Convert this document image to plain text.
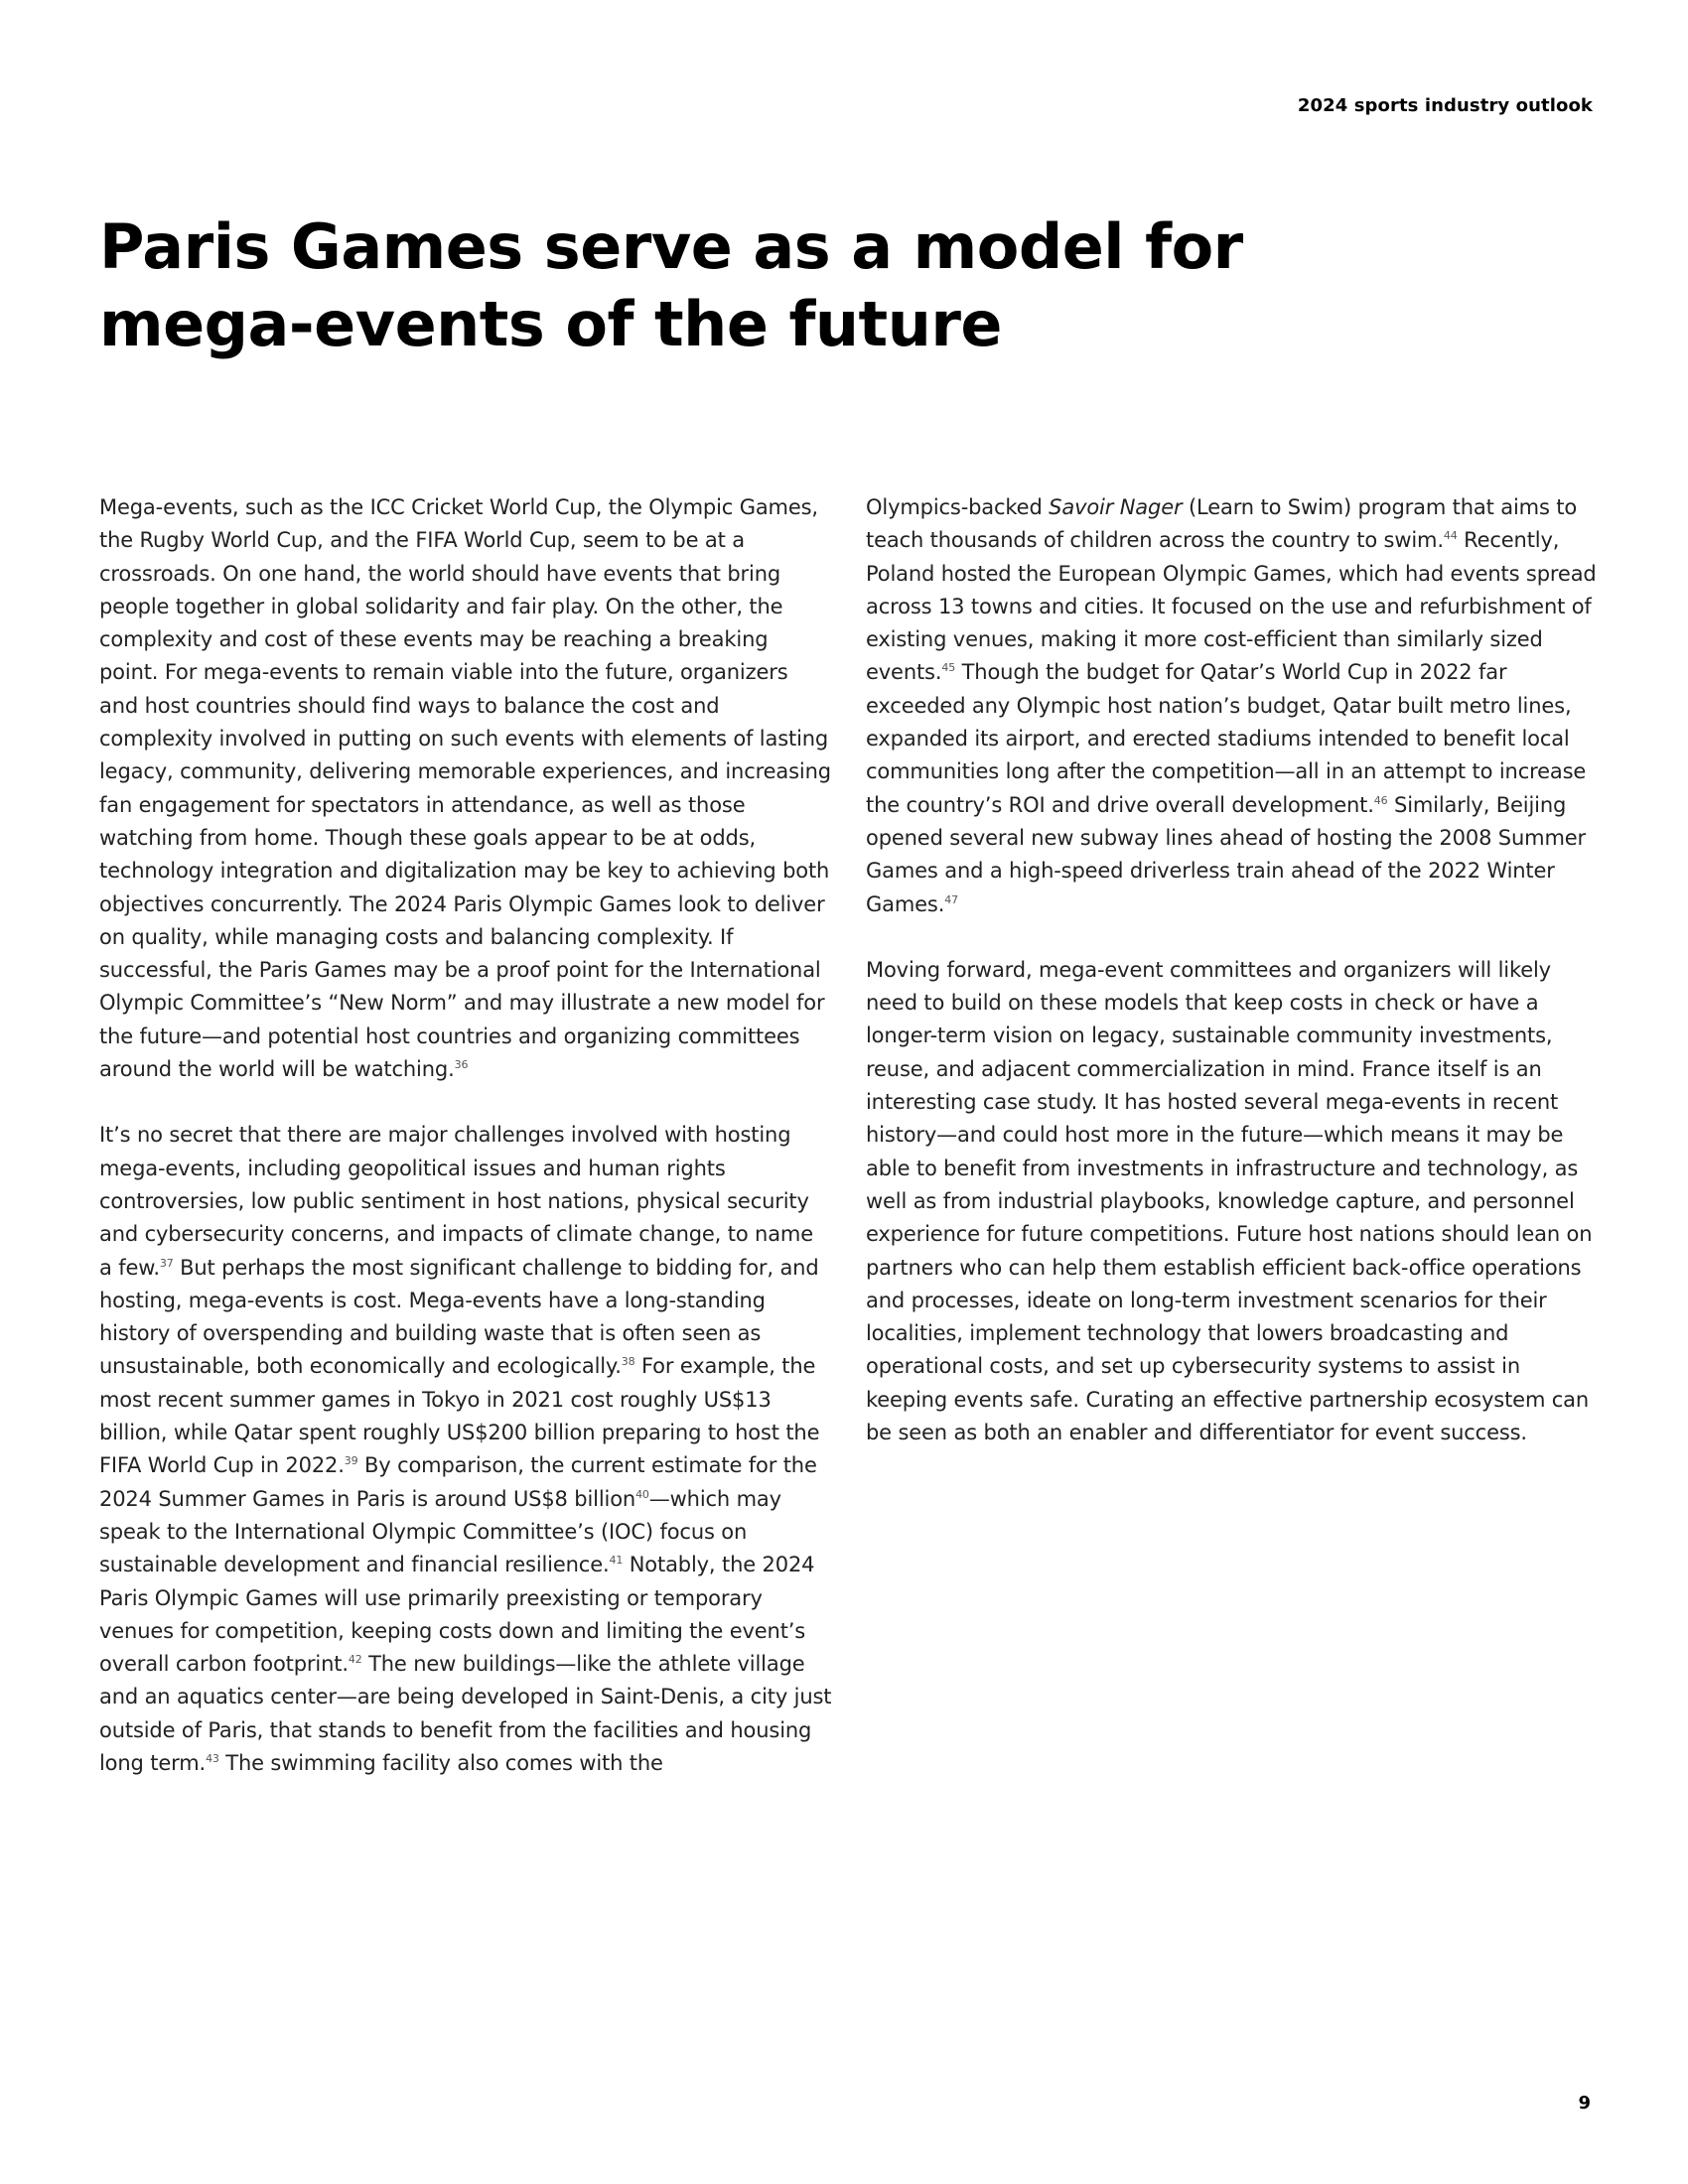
2024 sports industry outlook
Paris Games serve as a model for
mega-events of the future

Mega-events, such as the ICC Cricket World Cup, the Olympic Games, the Rugby World Cup, and the FIFA World Cup, seem to be at a crossroads. On one hand, the world should have events that bring people together in global solidarity and fair play. On the other, the complexity and cost of these events may be reaching a breaking point. For mega-events to remain viable into the future, organizers and host countries should find ways to balance the cost and complexity involved in putting on such events with elements of lasting legacy, community, delivering memorable experiences, and increasing fan engagement for spectators in attendance, as well as those watching from home. Though these goals appear to be at odds, technology integration and digitalization may be key to achieving both objectives concurrently. The 2024 Paris Olympic Games look to deliver on quality, while managing costs and balancing complexity. If successful, the Paris Games may be a proof point for the International Olympic Committee’s “New Norm” and may illustrate a new model for the future—and potential host countries and organizing committees around the world will be watching.$^{36}$

It’s no secret that there are major challenges involved with hosting mega-events, including geopolitical issues and human rights controversies, low public sentiment in host nations, physical security and cybersecurity concerns, and impacts of climate change, to name a few.$^{37}$ But perhaps the most significant challenge to bidding for, and hosting, mega-events is cost. Mega-events have a long-standing history of overspending and building waste that is often seen as unsustainable, both economically and ecologically.$^{38}$ For example, the most recent summer games in Tokyo in 2021 cost roughly US$13 billion, while Qatar spent roughly US$200 billion preparing to host the FIFA World Cup in 2022.39 By comparison, the current estimate for the 2024 Summer Games in Paris is around US$8 billion$^{40}$—which may speak to the International Olympic Committee’s (IOC) focus on sustainable development and financial resilience.$^{41}$ Notably, the 2024 Paris Olympic Games will use primarily preexisting or temporary venues for competition, keeping costs down and limiting the event’s overall carbon footprint.$^{42}$ The new buildings—like the athlete village and an aquatics center—are being developed in Saint-Denis, a city just outside of Paris, that stands to benefit from the facilities and housing long term.$^{43}$ The swimming facility also comes with the

Olympics-backed Savoir Nager (Learn to Swim) program that aims to teach thousands of children across the country to swim.$^{44}$ Recently, Poland hosted the European Olympic Games, which had events spread across 13 towns and cities. It focused on the use and refurbishment of existing venues, making it more cost-efficient than similarly sized events.$^{45}$ Though the budget for Qatar’s World Cup in 2022 far exceeded any Olympic host nation’s budget, Qatar built metro lines, expanded its airport, and erected stadiums intended to benefit local communities long after the competition—all in an attempt to increase the country’s ROI and drive overall development.$^{46}$ Similarly, Beijing opened several new subway lines ahead of hosting the 2008 Summer Games and a high-speed driverless train ahead of the 2022 Winter Games.$^{47}$

Moving forward, mega-event committees and organizers will likely need to build on these models that keep costs in check or have a longer-term vision on legacy, sustainable community investments, reuse, and adjacent commercialization in mind. France itself is an interesting case study. It has hosted several mega-events in recent history—and could host more in the future—which means it may be able to benefit from investments in infrastructure and technology, as well as from industrial playbooks, knowledge capture, and personnel experience for future competitions. Future host nations should lean on partners who can help them establish efficient back-office operations and processes, ideate on long-term investment scenarios for their localities, implement technology that lowers broadcasting and operational costs, and set up cybersecurity systems to assist in keeping events safe. Curating an effective partnership ecosystem can be seen as both an enabler and differentiator for event success.

9
